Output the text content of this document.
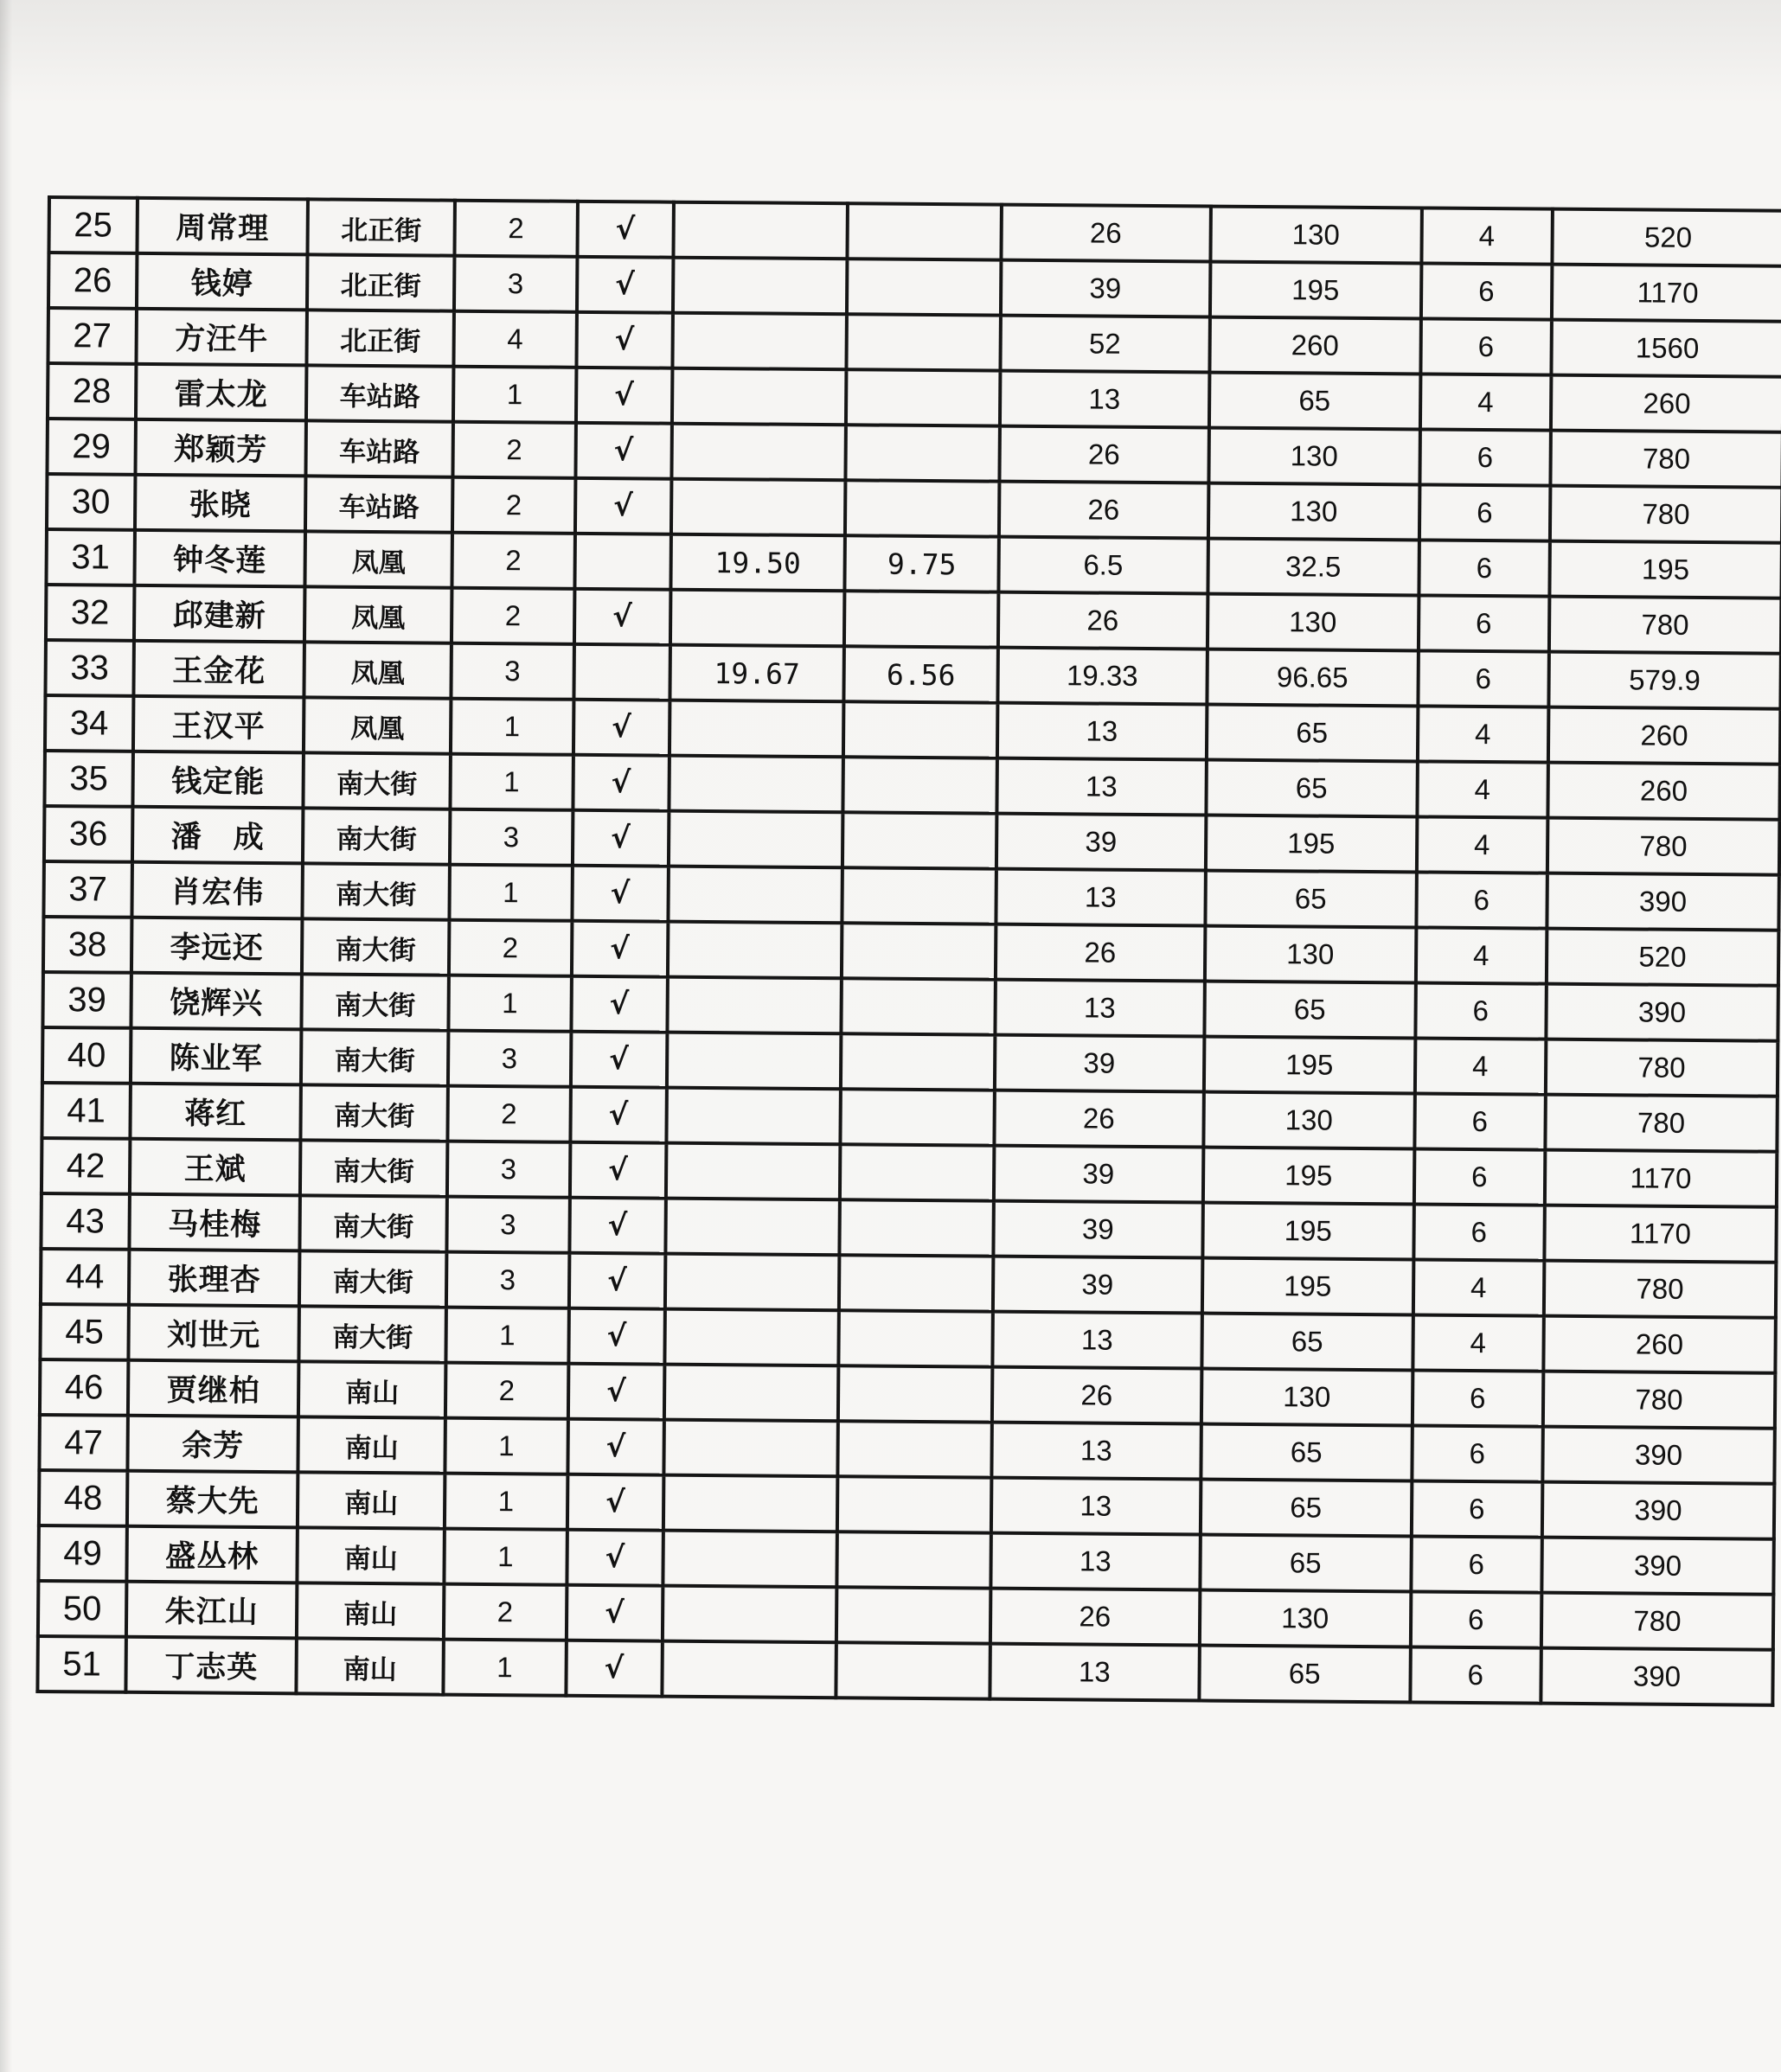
25	周常理	北正街	2	√			26	130	4	520
26	钱婷	北正街	3	√			39	195	6	1170
27	方汪牛	北正街	4	√			52	260	6	1560
28	雷太龙	车站路	1	√			13	65	4	260
29	郑颖芳	车站路	2	√			26	130	6	780
30	张晓	车站路	2	√			26	130	6	780
31	钟冬莲	凤凰	2		19.50	9.75	6.5	32.5	6	195
32	邱建新	凤凰	2	√			26	130	6	780
33	王金花	凤凰	3		19.67	6.56	19.33	96.65	6	579.9
34	王汉平	凤凰	1	√			13	65	4	260
35	钱定能	南大街	1	√			13	65	4	260
36	潘　成	南大街	3	√			39	195	4	780
37	肖宏伟	南大街	1	√			13	65	6	390
38	李远还	南大街	2	√			26	130	4	520
39	饶辉兴	南大街	1	√			13	65	6	390
40	陈业军	南大街	3	√			39	195	4	780
41	蒋红	南大街	2	√			26	130	6	780
42	王斌	南大街	3	√			39	195	6	1170
43	马桂梅	南大街	3	√			39	195	6	1170
44	张理杏	南大街	3	√			39	195	4	780
45	刘世元	南大街	1	√			13	65	4	260
46	贾继柏	南山	2	√			26	130	6	780
47	余芳	南山	1	√			13	65	6	390
48	蔡大先	南山	1	√			13	65	6	390
49	盛丛林	南山	1	√			13	65	6	390
50	朱江山	南山	2	√			26	130	6	780
51	丁志英	南山	1	√			13	65	6	390
